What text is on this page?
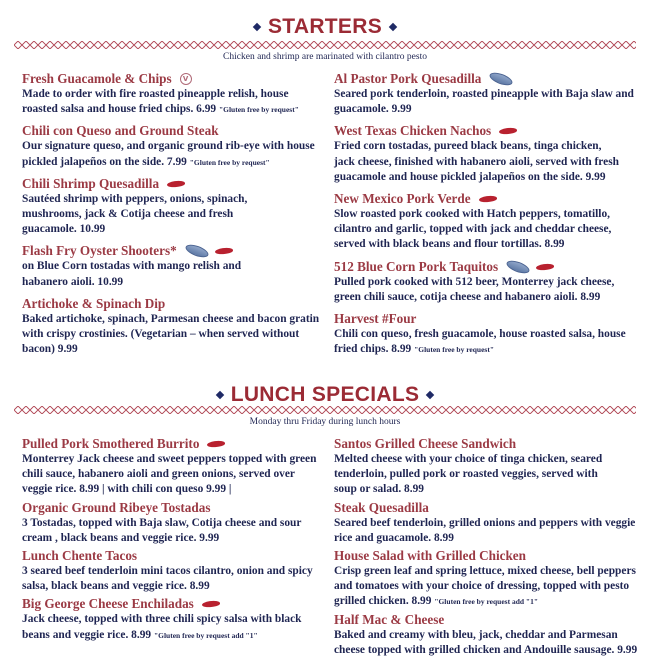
STARTERS
Chicken and shrimp are marinated with cilantro pesto
Fresh Guacamole & Chips	V
Made to order with fire roasted pineapple relish, house roasted salsa and house fried chips. 6.99 "Gluten free by request"
Chili con Queso and Ground Steak
Our signature queso, and organic ground rib-eye with house pickled jalapeños on the side. 7.99 "Gluten free by request"
Chili Shrimp Quesadilla
Sautéed shrimp with peppers, onions, spinach, mushrooms, jack & Cotija cheese and fresh guacamole. 10.99
Flash Fry Oyster Shooters*
on Blue Corn tostadas with mango relish and habanero aioli. 10.99
Artichoke & Spinach Dip
Baked artichoke, spinach, Parmesan cheese and bacon gratin with crispy crostinies. (Vegetarian – when served without bacon) 9.99
Al Pastor Pork Quesadilla
Seared pork tenderloin, roasted pineapple with Baja slaw and guacamole. 9.99
West Texas Chicken Nachos
Fried corn tostadas, pureed black beans, tinga chicken, jack cheese, finished with habanero aioli, served with fresh guacamole and house pickled jalapeños on the side. 9.99
New Mexico Pork Verde
Slow roasted pork cooked with Hatch peppers, tomatillo, cilantro and garlic, topped with jack and cheddar cheese, served with black beans and flour tortillas. 8.99
512 Blue Corn Pork Taquitos
Pulled pork cooked with 512 beer, Monterrey jack cheese, green chili sauce, cotija cheese and habanero aioli. 8.99
Harvest #Four
Chili con queso, fresh guacamole, house roasted salsa, house fried chips. 8.99 "Gluten free by request"
LUNCH SPECIALS
Monday thru Friday during lunch hours
Pulled Pork Smothered Burrito
Monterrey Jack cheese and sweet peppers topped with green chili sauce, habanero aioli and green onions, served over veggie rice. 8.99 | with chili con queso 9.99 |
Organic Ground Ribeye Tostadas
3 Tostadas, topped with Baja slaw, Cotija cheese and sour cream , black beans and veggie rice. 9.99
Lunch Chente Tacos
3 seared beef tenderloin mini tacos cilantro, onion and spicy salsa, black beans and veggie rice. 8.99
Big George Cheese Enchiladas
Jack cheese, topped with three chili spicy salsa with black beans and veggie rice. 8.99 "Gluten free by request add "1"
Santos Grilled Cheese Sandwich
Melted cheese with your choice of tinga chicken, seared tenderloin, pulled pork or roasted veggies, served with soup or salad. 8.99
Steak Quesadilla
Seared beef tenderloin, grilled onions and peppers with veggie rice and guacamole. 8.99
House Salad with Grilled Chicken
Crisp green leaf and spring lettuce, mixed cheese, bell peppers and tomatoes with your choice of dressing, topped with pesto grilled chicken. 8.99 "Gluten free by request add "1"
Half Mac & Cheese
Baked and creamy with bleu, jack, cheddar and Parmesan cheese topped with grilled chicken and Andouille sausage. 9.99
